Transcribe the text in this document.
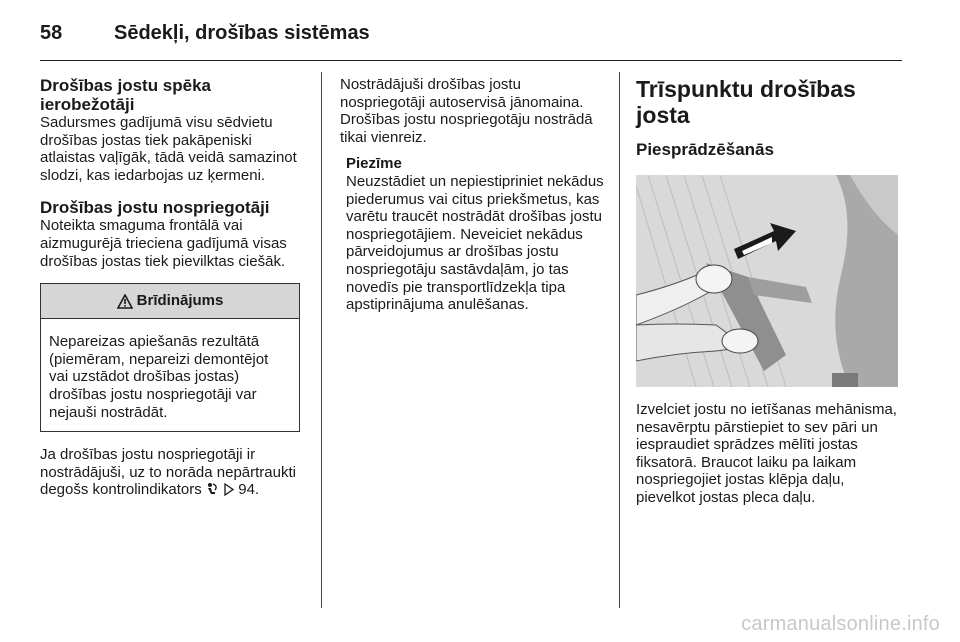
58	Sēdekļi, drošības sistēmas
Drošības jostu spēka ierobežotāji

Sadursmes gadījumā visu sēdvietu drošības jostas tiek pakāpeniski atlaistas vaļīgāk, tādā veidā samazinot slodzi, kas iedarbojas uz ķermeni.

Drošības jostu nospriegotāji

Noteikta smaguma frontālā vai aizmugurējā trieciena gadījumā visas drošības jostas tiek pievilktas ciešāk.

Brīdinājums
Nepareizas apiešanās rezultātā (piemēram, nepareizi demontējot vai uzstādot drošības jostas) drošības jostu nospriegotāji var nejauši nostrādāt.

Ja drošības jostu nospriegotāji ir nostrādājuši, uz to norāda nepārtraukti degošs kontrolindikators 94.

Nostrādājuši drošības jostu nospriegotāji autoservisā jānomaina. Drošības jostu nospriegotāju nostrādā tikai vienreiz.

Piezīme
Neuzstādiet un nepiestipriniet nekādus piederumus vai citus priekšmetus, kas varētu traucēt nostrādāt drošības jostu nospriegotājiem. Neveiciet nekādus pārveidojumus ar drošības jostu nospriegotāju sastāvdaļām, jo tas novedīs pie transportlīdzekļa tipa apstiprinājuma anulēšanas.
Trīspunktu drošības josta
Piesprādzēšanās

Izvelciet jostu no ietīšanas mehānisma, nesavērptu pārstiepiet to sev pāri un iespraudiet sprādzes mēlīti jostas fiksatorā. Braucot laiku pa laikam nospriegojiet jostas klēpja daļu, pievelkot jostas pleca daļu.

carmanualsonline.info
